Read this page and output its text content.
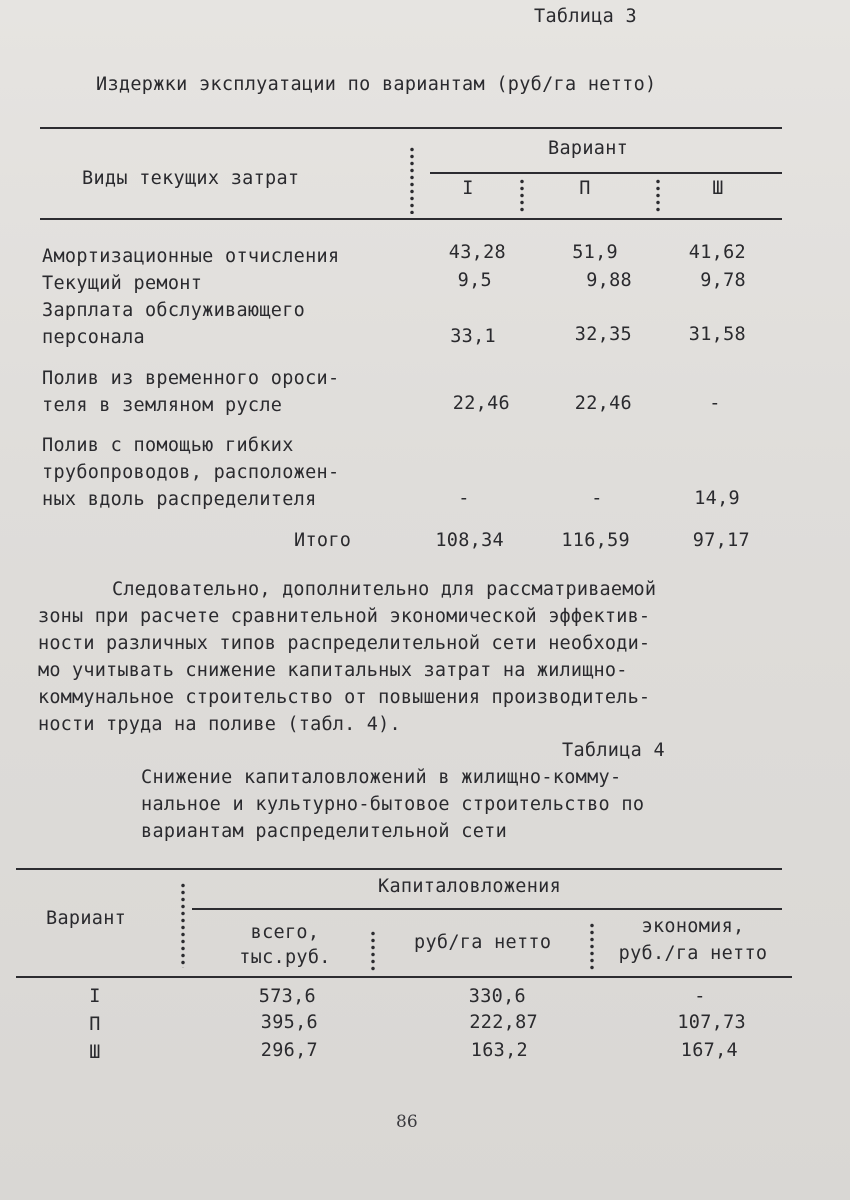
Таблица 3
Издержки эксплуатации по вариантам (руб/га нетто)
Виды текущих затрат
Вариант
I	П	Ш
Амортизационные отчисления	43,28	51,9	41,62
Текущий ремонт	9,5	9,88	9,78
Зарплата обслуживающего
персонала	33,1	32,35	31,58
Полив из временного ороси-
теля в земляном русле	22,46	22,46	-
Полив с помощью гибких
трубопроводов, расположен-
ных вдоль распределителя	-	-	14,9
Итого	108,34	116,59	97,17
Следовательно, дополнительно для рассматриваемой
зоны при расчете сравнительной экономической эффектив-
ности различных типов распределительной сети необходи-
мо учитывать снижение капитальных затрат на жилищно-
коммунальное строительство от повышения производитель-
ности труда на поливе (табл. 4).
Таблица 4
Снижение капиталовложений в жилищно-комму-
нальное и культурно-бытовое строительство по
вариантам распределительной сети
Вариант
Капиталовложения
всего,
тыс.руб.
руб/га нетто
экономия,
руб./га нетто
I	573,6	330,6	-
П	395,6	222,87	107,73
Ш	296,7	163,2	167,4
86
